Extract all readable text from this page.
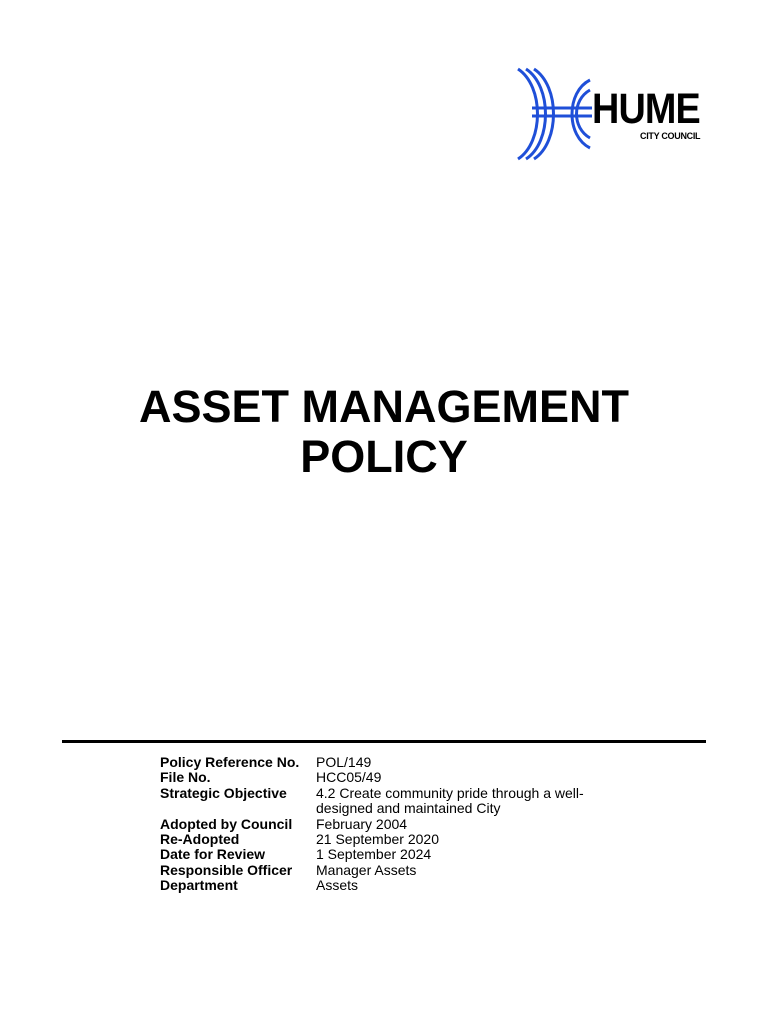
HUME
CITY COUNCIL
ASSET MANAGEMENT
POLICY
Policy Reference No.	POL/149
File No.	HCC05/49
Strategic Objective	4.2 Create community pride through a well-designed and maintained City
Adopted by Council	February 2004
Re-Adopted	21 September 2020
Date for Review	1 September 2024
Responsible Officer	Manager Assets
Department	Assets
